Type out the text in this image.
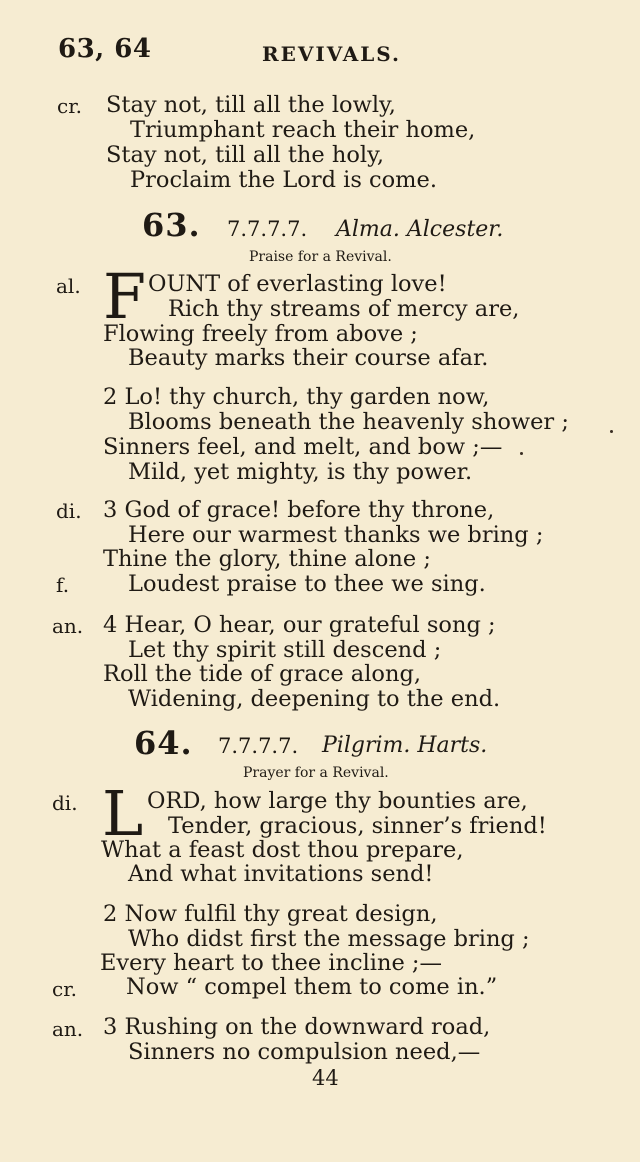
63, 64	REVIVALS.
cr. Stay not, till all the lowly,
Triumphant reach their home,
Stay not, till all the holy,
Proclaim the Lord is come.
63. 7.7.7.7. Alma. Alcester.
Praise for a Revival.
al. F OUNT of everlasting love!
Rich thy streams of mercy are,
Flowing freely from above ;
Beauty marks their course afar.
2 Lo! thy church, thy garden now,
Blooms beneath the heavenly shower ;
Sinners feel, and melt, and bow ;—
Mild, yet mighty, is thy power.
di. 3 God of grace! before thy throne,
Here our warmest thanks we bring ;
Thine the glory, thine alone ;
f.	Loudest praise to thee we sing.
an. 4 Hear, O hear, our grateful song ;
Let thy spirit still descend ;
Roll the tide of grace along,
Widening, deepening to the end.
64. 7.7.7.7. Pilgrim. Harts.
Prayer for a Revival.
di. L ORD, how large thy bounties are,
Tender, gracious, sinner’s friend!
What a feast dost thou prepare,
And what invitations send!
2 Now fulfil thy great design,
Who didst first the message bring ;
Every heart to thee incline ;—
cr. Now “ compel them to come in.”
an. 3 Rushing on the downward road,
Sinners no compulsion need,—
44
